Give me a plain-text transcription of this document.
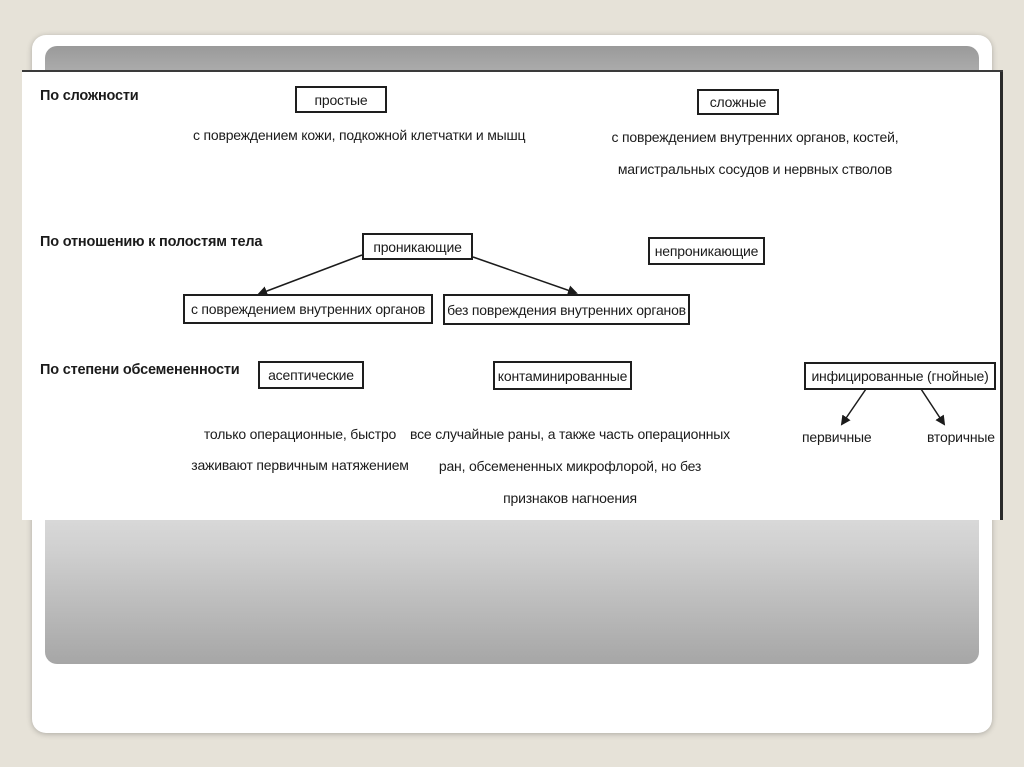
По сложности	простые
с повреждением кожи, подкожной клетчатки и мышц
сложные
с повреждением внутренних органов, костей,
магистральных сосудов и нервных стволов
По отношению к полостям тела	проникающие	непроникающие
с повреждением внутренних органов	без повреждения внутренних органов
По степени обсемененности	асептические
только операционные, быстро
заживают первичным натяжением
контаминированные
все случайные раны, а также часть операционных
ран, обсемененных микрофлорой, но без
признаков нагноения
инфицированные (гнойные)
первичные	вторичные
